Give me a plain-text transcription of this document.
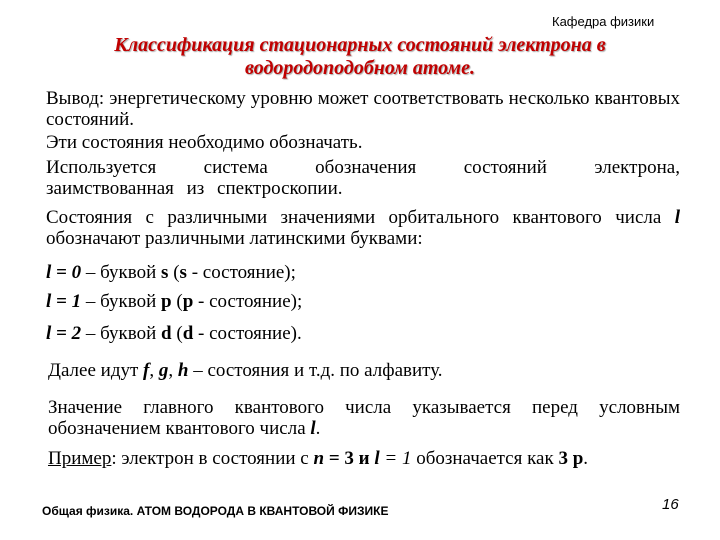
Кафедра физики
Классификация стационарных состояний электрона в
водородоподобном атоме.

Вывод: энергетическому уровню может соответствовать несколько квантовых состояний.

Эти состояния необходимо обозначать.

Используется система обозначения состояний электрона, заимствованная из спектроскопии.

Состояния с различными значениями орбитального квантового числа l обозначают различными латинскими буквами:

l = 0 – буквой s (s - состояние);
l = 1 – буквой p (p - состояние);
l = 2 – буквой d (d - состояние).
Далее идут f, g, h – состояния и т.д. по алфавиту.

Значение главного квантового числа указывается перед условным обозначением квантового числа l.

Пример: электрон в состоянии с n = 3 и l = 1 обозначается как 3 p.
Общая физика. АТОМ ВОДОРОДА В КВАНТОВОЙ ФИЗИКЕ	16
